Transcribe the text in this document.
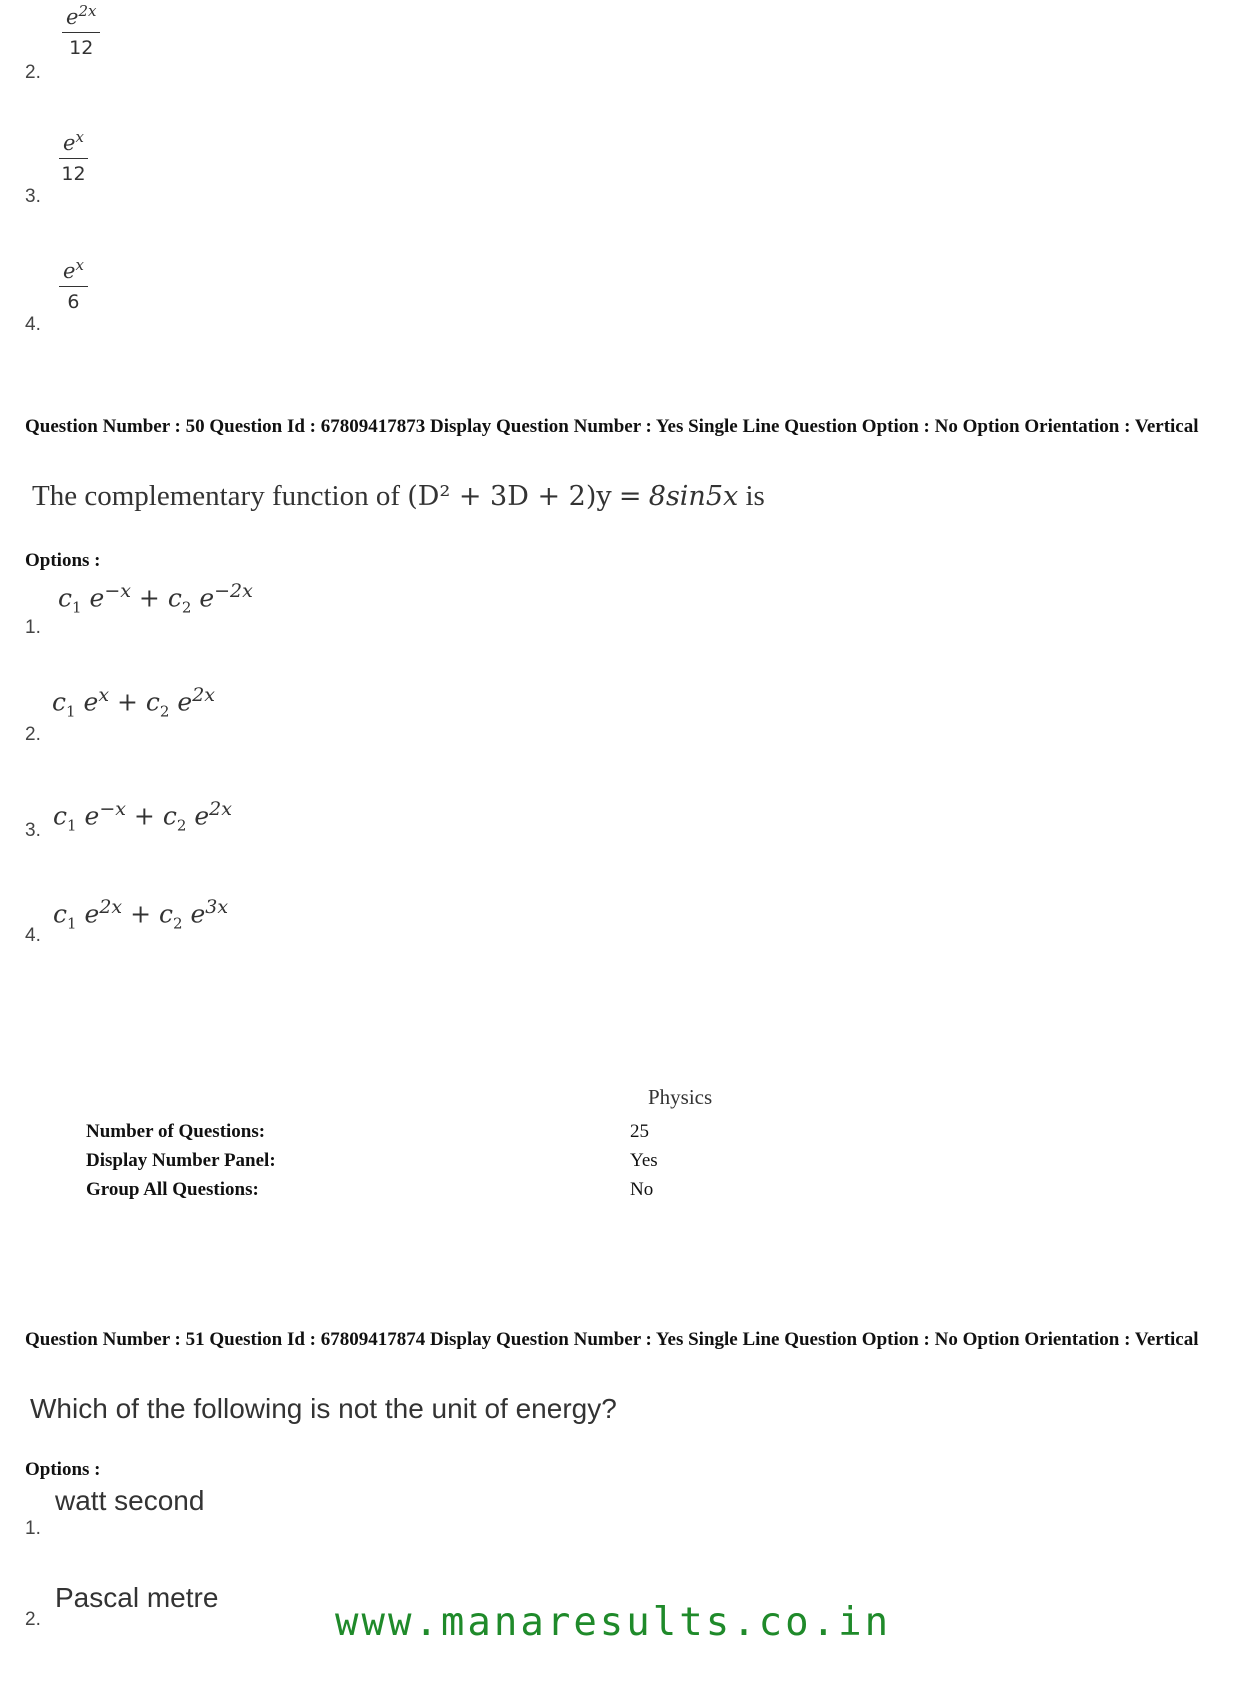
2.
$\frac{e^{2x}}{12}$
3.
$\frac{e^x}{12}$
4.
$\frac{e^x}{6}$
Question Number : 50 Question Id : 67809417873 Display Question Number : Yes Single Line Question Option : No Option Orientation : Vertical
The complementary function of (D² + 3D + 2)y = 8sin5x is
Options :
1.
$c_1$ $e^{-x} + c_2$ $e^{-2x}$
2.
$c_1$ $e^x + c_2$ $e^{2x}$
3.
$c_1$ $e^{-x} + c_2$ $e^{2x}$
4.
$c_1$ $e^{2x} + c_2$ $e^{3x}$
Physics
Number of Questions:	25
Display Number Panel:	Yes
Group All Questions:	No
Question Number : 51 Question Id : 67809417874 Display Question Number : Yes Single Line Question Option : No Option Orientation : Vertical
Which of the following is not the unit of energy?
Options :
1.
watt second
2.
Pascal metre
www.manaresults.co.in
